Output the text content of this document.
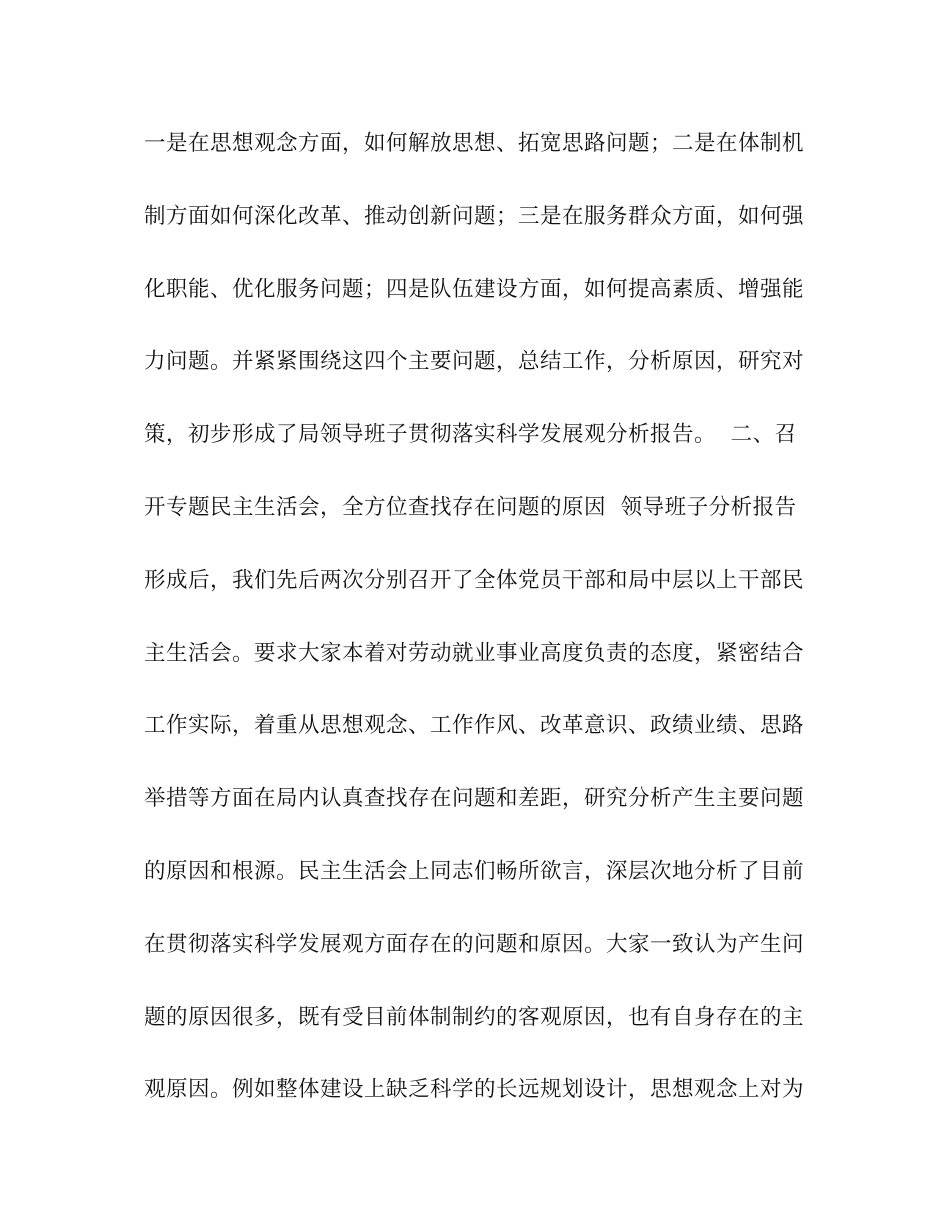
一是在思想观念方面，如何解放思想、拓宽思路问题；二是在体制机
制方面如何深化改革、推动创新问题；三是在服务群众方面，如何强
化职能、优化服务问题；四是队伍建设方面，如何提高素质、增强能
力问题。并紧紧围绕这四个主要问题，总结工作，分析原因，研究对
策，初步形成了局领导班子贯彻落实科学发展观分析报告。  二、召
开专题民主生活会，全方位查找存在问题的原因  领导班子分析报告
形成后，我们先后两次分别召开了全体党员干部和局中层以上干部民
主生活会。要求大家本着对劳动就业事业高度负责的态度，紧密结合
工作实际，着重从思想观念、工作作风、改革意识、政绩业绩、思路
举措等方面在局内认真查找存在问题和差距，研究分析产生主要问题
的原因和根源。民主生活会上同志们畅所欲言，深层次地分析了目前
在贯彻落实科学发展观方面存在的问题和原因。大家一致认为产生问
题的原因很多，既有受目前体制制约的客观原因，也有自身存在的主
观原因。例如整体建设上缺乏科学的长远规划设计，思想观念上对为
